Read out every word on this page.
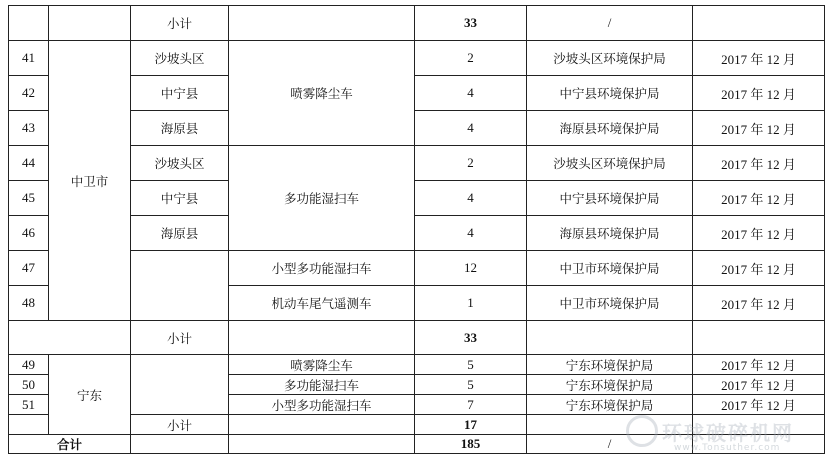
		小计		33	/	
41	中卫市	沙坡头区	喷雾降尘车	2	沙坡头区环境保护局	2017 年 12 月
42		中宁县		4	中宁县环境保护局	2017 年 12 月
43		海原县		4	海原县环境保护局	2017 年 12 月
44		沙坡头区	多功能湿扫车	2	沙坡头区环境保护局	2017 年 12 月
45		中宁县		4	中宁县环境保护局	2017 年 12 月
46		海原县		4	海原县环境保护局	2017 年 12 月
47			小型多功能湿扫车	12	中卫市环境保护局	2017 年 12 月
48			机动车尾气遥测车	1	中卫市环境保护局	2017 年 12 月
		小计		33		
49	宁东		喷雾降尘车	5	宁东环境保护局	2017 年 12 月
50			多功能湿扫车	5	宁东环境保护局	2017 年 12 月
51			小型多功能湿扫车	7	宁东环境保护局	2017 年 12 月
		小计		17		
合计				185	/		环球破碎机网
www.Tonsuther.com
